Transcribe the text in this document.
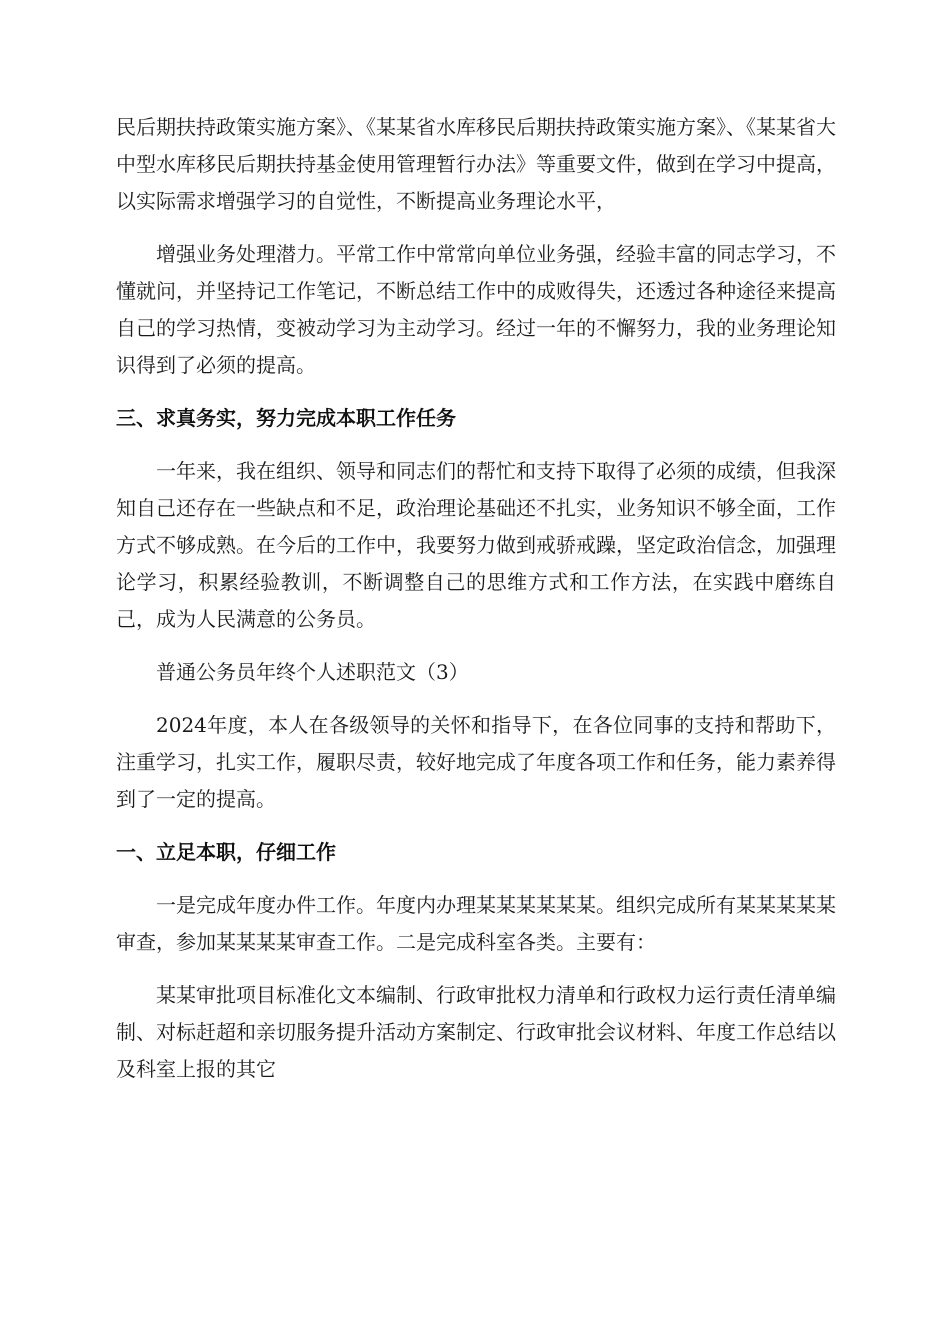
民后期扶持政策实施方案》、《某某省水库移民后期扶持政策实施方案》、《某某省大中型水库移民后期扶持基金使用管理暂行办法》等重要文件，做到在学习中提高，以实际需求增强学习的自觉性，不断提高业务理论水平，

增强业务处理潜力。平常工作中常常向单位业务强，经验丰富的同志学习，不懂就问，并坚持记工作笔记，不断总结工作中的成败得失，还透过各种途径来提高自己的学习热情，变被动学习为主动学习。经过一年的不懈努力，我的业务理论知识得到了必须的提高。

三、求真务实，努力完成本职工作任务

一年来，我在组织、领导和同志们的帮忙和支持下取得了必须的成绩，但我深知自己还存在一些缺点和不足，政治理论基础还不扎实，业务知识不够全面，工作方式不够成熟。在今后的工作中，我要努力做到戒骄戒躁，坚定政治信念，加强理论学习，积累经验教训，不断调整自己的思维方式和工作方法，在实践中磨练自己，成为人民满意的公务员。

普通公务员年终个人述职范文（3）

2024年度，本人在各级领导的关怀和指导下，在各位同事的支持和帮助下，注重学习，扎实工作，履职尽责，较好地完成了年度各项工作和任务，能力素养得到了一定的提高。

一、立足本职，仔细工作

一是完成年度办件工作。年度内办理某某某某某某。组织完成所有某某某某某审查，参加某某某某审查工作。二是完成科室各类。主要有：

某某审批项目标准化文本编制、行政审批权力清单和行政权力运行责任清单编制、对标赶超和亲切服务提升活动方案制定、行政审批会议材料、年度工作总结以及科室上报的其它
